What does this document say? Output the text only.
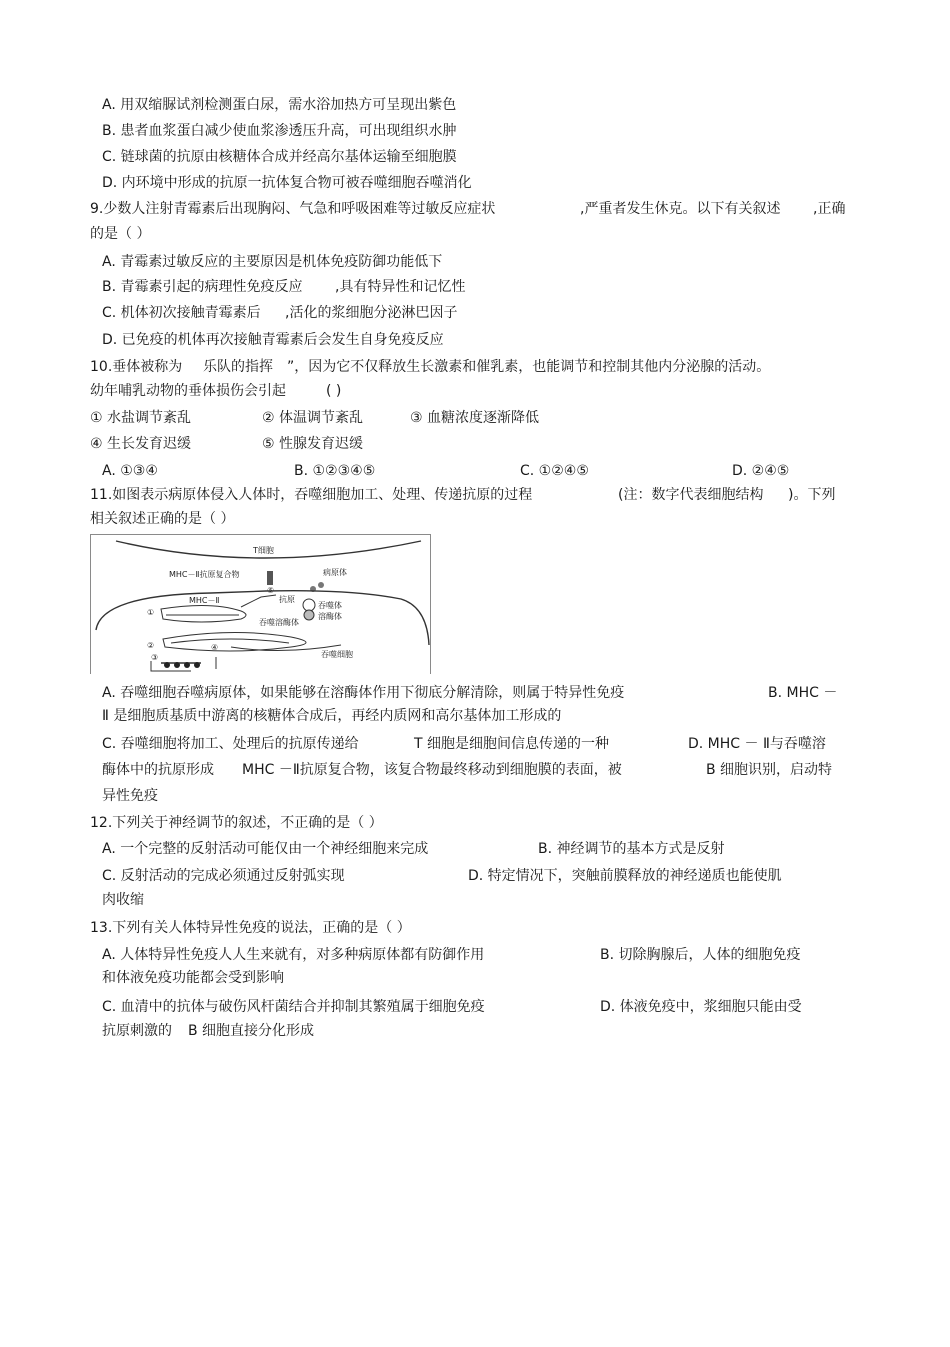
A. 用双缩脲试剂检测蛋白尿，需水浴加热方可呈现出紫色
B. 患者血浆蛋白减少使血浆渗透压升高，可出现组织水肿
C. 链球菌的抗原由核糖体合成并经高尔基体运输至细胞膜
D. 内环境中形成的抗原一抗体复合物可被吞噬细胞吞噬消化
9.少数人注射青霉素后出现胸闷、气急和呼吸困难等过敏反应症状	,严重者发生休克。以下有关叙述 ,正确
的是（ ）
A. 青霉素过敏反应的主要原因是机体免疫防御功能低下
B. 青霉素引起的病理性免疫反应 ,具有特异性和记忆性
C. 机体初次接触青霉素后 ,活化的浆细胞分泌淋巴因子
D. 已免疫的机体再次接触青霉素后会发生自身免疫反应
10.垂体被称为 乐队的指挥 ”，因为它不仅释放生长激素和催乳素，也能调节和控制其他内分泌腺的活动。
幼年哺乳动物的垂体损伤会引起	( )
① 水盐调节紊乱	② 体温调节紊乱	③ 血糖浓度逐渐降低
④ 生长发育迟缓	⑤ 性腺发育迟缓
A. ①③④	B. ①②③④⑤	C. ①②④⑤	D. ②④⑤
11.如图表示病原体侵入人体时，吞噬细胞加工、处理、传递抗原的过程	(注：数字代表细胞结构 )。下列
相关叙述正确的是（ ）
T细胞
MHC－Ⅱ抗原复合物
⑤
病原体
MHC－Ⅱ	抗原
吞噬体
溶酶体
①
吞噬溶酶体
②	④
吞噬细胞
③
A. 吞噬细胞吞噬病原体，如果能够在溶酶体作用下彻底分解清除，则属于特异性免疫	B. MHC －
Ⅱ 是细胞质基质中游离的核糖体合成后，再经内质网和高尔基体加工形成的
C. 吞噬细胞将加工、处理后的抗原传递给	T 细胞是细胞间信息传递的一种	D. MHC － Ⅱ与吞噬溶
酶体中的抗原形成 MHC －Ⅱ抗原复合物，该复合物最终移动到细胞膜的表面，被	B 细胞识别，启动特
异性免疫
12.下列关于神经调节的叙述，不正确的是（ ）
A. 一个完整的反射活动可能仅由一个神经细胞来完成	B. 神经调节的基本方式是反射
C. 反射活动的完成必须通过反射弧实现	D. 特定情况下，突触前膜释放的神经递质也能使肌
肉收缩
13.下列有关人体特异性免疫的说法，正确的是（ ）
A. 人体特异性免疫人人生来就有，对多种病原体都有防御作用	B. 切除胸腺后，人体的细胞免疫
和体液免疫功能都会受到影响
C. 血清中的抗体与破伤风杆菌结合并抑制其繁殖属于细胞免疫	D. 体液免疫中，浆细胞只能由受
抗原刺激的 B 细胞直接分化形成
